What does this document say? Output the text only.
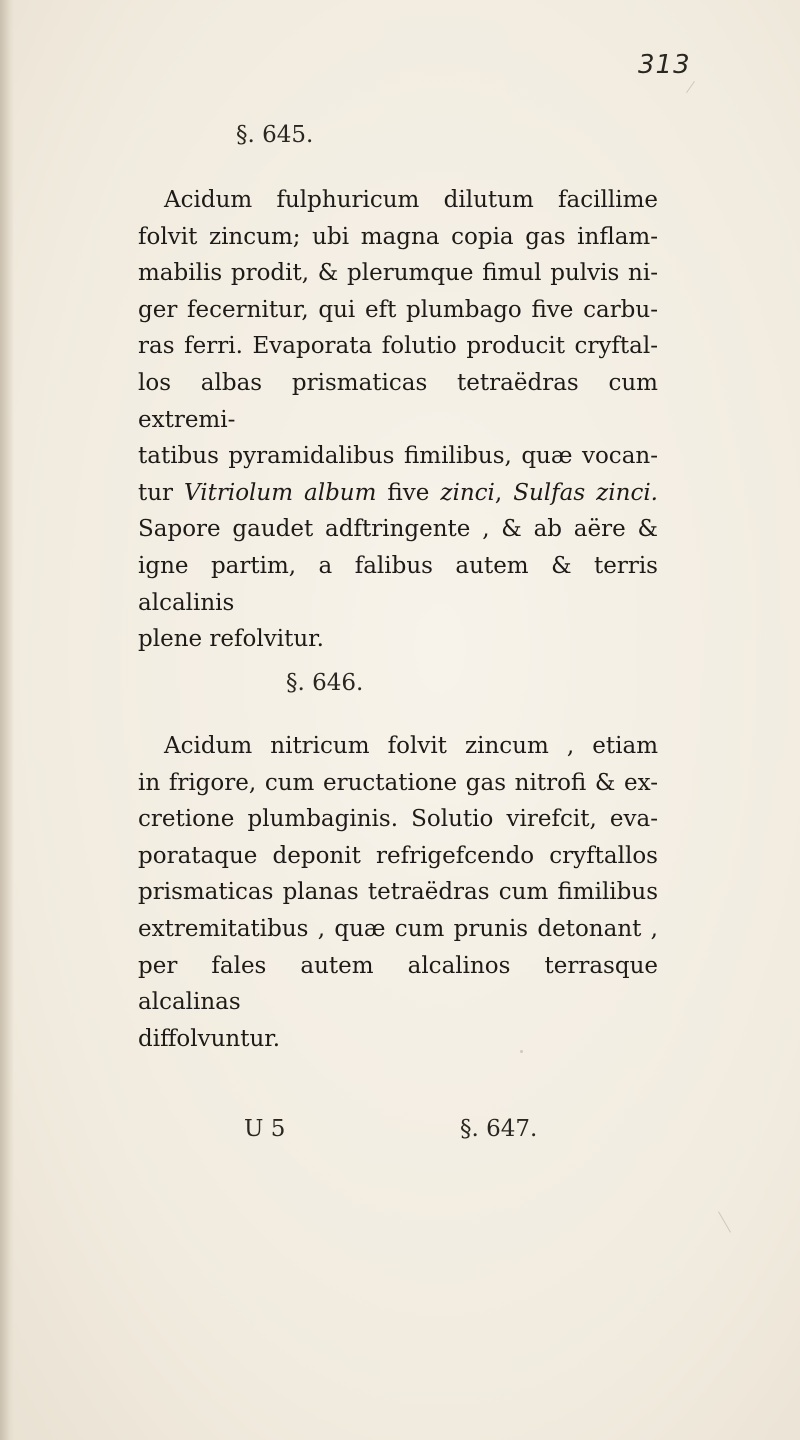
313
§. 645.
Acidum fulphuricum dilutum facillime
folvit zincum; ubi magna copia gas inflam-
mabilis prodit, & plerumque fimul pulvis ni-
ger fecernitur, qui eft plumbago five carbu-
ras ferri. Evaporata folutio producit cryftal-
los albas prismaticas tetraëdras cum extremi-
tatibus pyramidalibus fimilibus, quæ vocan-
tur Vitriolum album five zinci, Sulfas zinci.
Sapore gaudet adftringente , & ab aëre &
igne partim, a falibus autem & terris alcalinis
plene refolvitur.
§. 646.
Acidum nitricum folvit zincum , etiam
in frigore, cum eructatione gas nitrofi & ex-
cretione plumbaginis. Solutio virefcit, eva-
porataque deponit refrigefcendo cryftallos
prismaticas planas tetraëdras cum fimilibus
extremitatibus , quæ cum prunis detonant ,
per fales autem alcalinos terrasque alcalinas
diffolvuntur.
U 5	§. 647.
